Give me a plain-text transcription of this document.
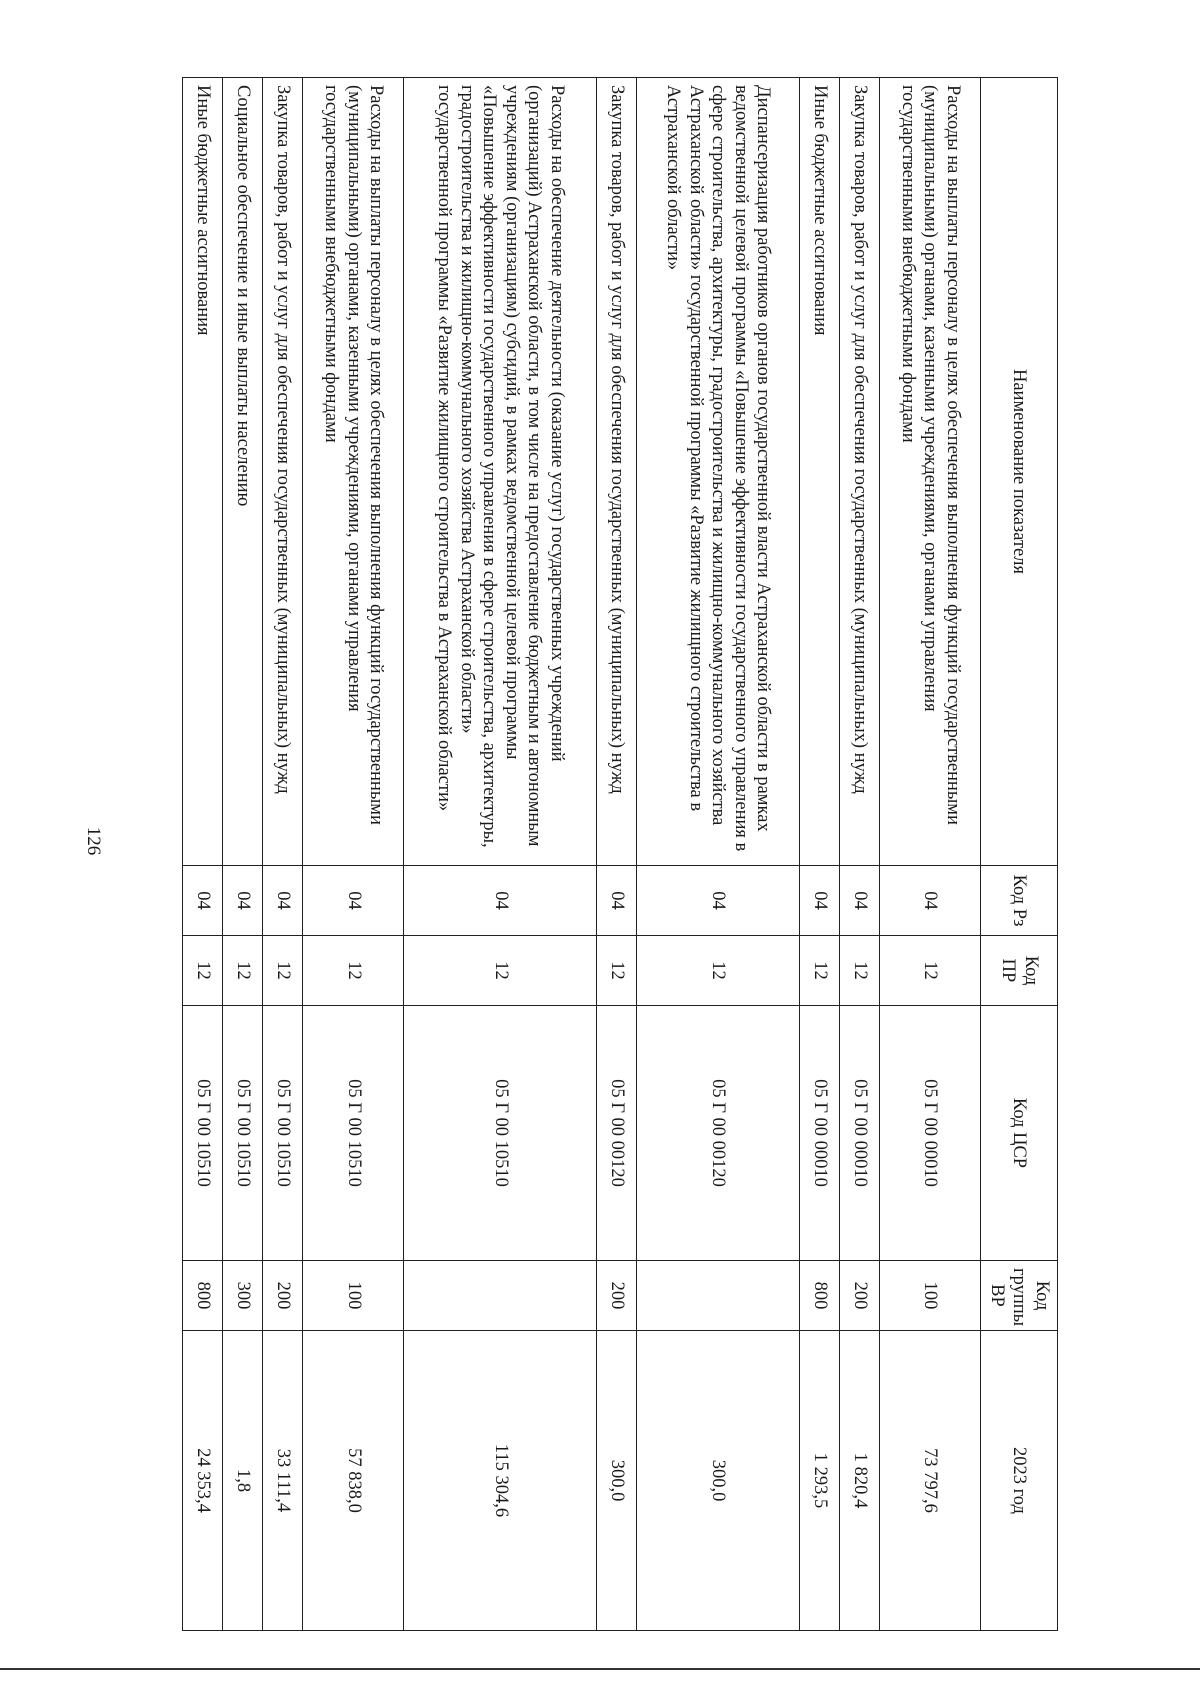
126
Наименование показателя	Код Рз	Код ПР	Код ЦСР	Код группы ВР	2023 год
Расходы на выплаты персоналу в целях обеспечения выполнения функций государственными (муниципальными) органами, казенными учреждениями, органами управления государственными внебюджетными фондами	04	12	05 Г 00 00010	100	73 797,6
Закупка товаров, работ и услуг для обеспечения государственных (муниципальных) нужд	04	12	05 Г 00 00010	200	1 820,4
Иные бюджетные ассигнования	04	12	05 Г 00 00010	800	1 293,5
Диспансеризация работников органов государственной власти Астраханской области в рамках ведомственной целевой программы «Повышение эффективности государственного управления в сфере строительства, архитектуры, градостроительства и жилищно-коммунального хозяйства Астраханской области» государственной программы «Развитие жилищного строительства в Астраханской области»	04	12	05 Г 00 00120		300,0
Закупка товаров, работ и услуг для обеспечения государственных (муниципальных) нужд	04	12	05 Г 00 00120	200	300,0
Расходы на обеспечение деятельности (оказание услуг) государственных учреждений (организаций) Астраханской области, в том числе на предоставление бюджетным и автономным учреждениям (организациям) субсидий, в рамках ведомственной целевой программы «Повышение эффективности государственного управления в сфере строительства, архитектуры, градостроительства и жилищно-коммунального хозяйства Астраханской области» государственной программы «Развитие жилищного строительства в Астраханской области»	04	12	05 Г 00 10510		115 304,6
Расходы на выплаты персоналу в целях обеспечения выполнения функций государственными (муниципальными) органами, казенными учреждениями, органами управления государственными внебюджетными фондами	04	12	05 Г 00 10510	100	57 838,0
Закупка товаров, работ и услуг для обеспечения государственных (муниципальных) нужд	04	12	05 Г 00 10510	200	33 111,4
Социальное обеспечение и иные выплаты населению	04	12	05 Г 00 10510	300	1,8
Иные бюджетные ассигнования	04	12	05 Г 00 10510	800	24 353,4
